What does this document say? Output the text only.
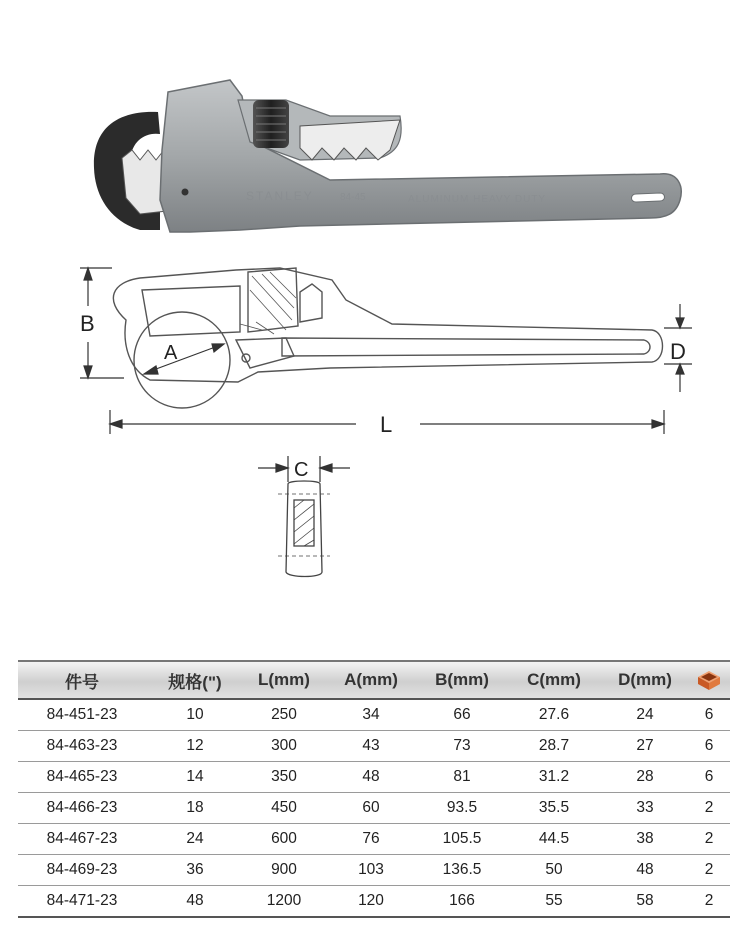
STANLEY	84-45	ALUMINUM HEAVY DUTY
B
A	D
L
C
件号	规格(")	L(mm)	A(mm)	B(mm)	C(mm)	D(mm)	
84-451-23	10	250	34	66	27.6	24	6
84-463-23	12	300	43	73	28.7	27	6
84-465-23	14	350	48	81	31.2	28	6
84-466-23	18	450	60	93.5	35.5	33	2
84-467-23	24	600	76	105.5	44.5	38	2
84-469-23	36	900	103	136.5	50	48	2
84-471-23	48	1200	120	166	55	58	2
